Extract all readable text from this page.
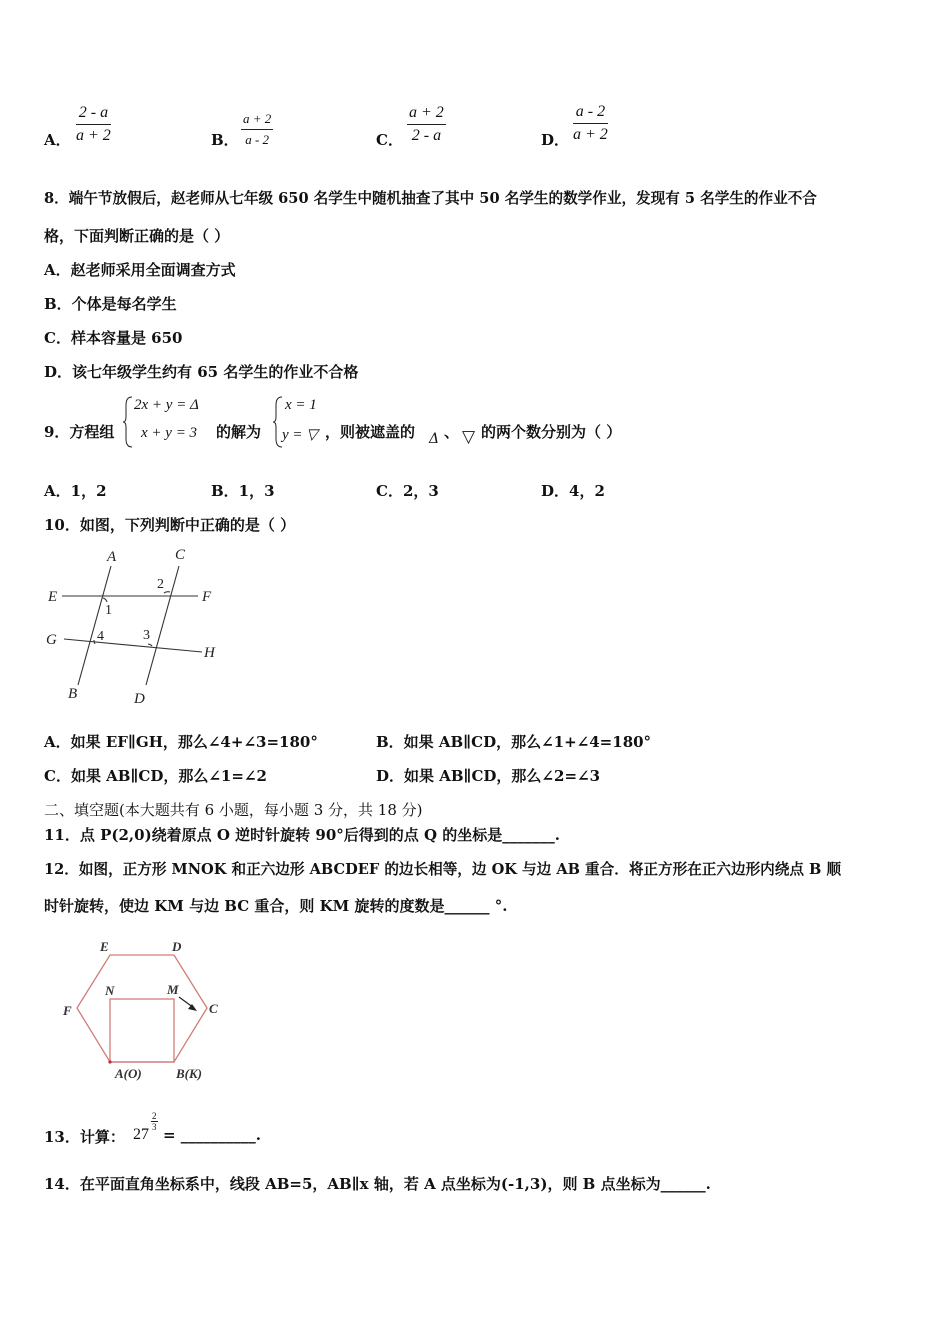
A． $\frac{2 - a}{a + 2}$	B． $\frac{a + 2}{a - 2}$	C． $\frac{a + 2}{2 - a}$	D． $\frac{a - 2}{a + 2}$
8．端午节放假后，赵老师从七年级 650 名学生中随机抽查了其中 50 名学生的数学作业，发现有 5 名学生的作业不合
格，下面判断正确的是（ ）
A．赵老师采用全面调查方式
B．个体是每名学生
C．样本容量是 650
D．该七年级学生约有 65 名学生的作业不合格
9．方程组
2x + y = Δ
x + y = 3 的解为
x = 1
y = ▽ ，则被遮盖的 Δ 、 ▽ 的两个数分别为（ ）
A．1，2	B．1，3	C．2，3	D．4，2
10．如图，下列判断中正确的是（ ）
A	C
E	F
G
H
B	D
1
2
3
4
A．如果 EF∥GH，那么∠4+∠3=180°	B．如果 AB∥CD，那么∠1+∠4=180°
C．如果 AB∥CD，那么∠1=∠2	D．如果 AB∥CD，那么∠2=∠3
二、填空题(本大题共有 6 小题，每小题 3 分，共 18 分)
11．点 P(2,0)绕着原点 O 逆时针旋转 90°后得到的点 Q 的坐标是_______.
12．如图，正方形 MNOK 和正六边形 ABCDEF 的边长相等，边 OK 与边 AB 重合．将正方形在正六边形内绕点 B 顺
时针旋转，使边 KM 与边 BC 重合，则 KM 旋转的度数是______ °.
E	D
F	C
N	M
A(O)	B(K)
13．计算： 27
$\frac{2}{3}$
= __________.
14．在平面直角坐标系中，线段 AB=5，AB∥x 轴，若 A 点坐标为(-1,3)，则 B 点坐标为______.
